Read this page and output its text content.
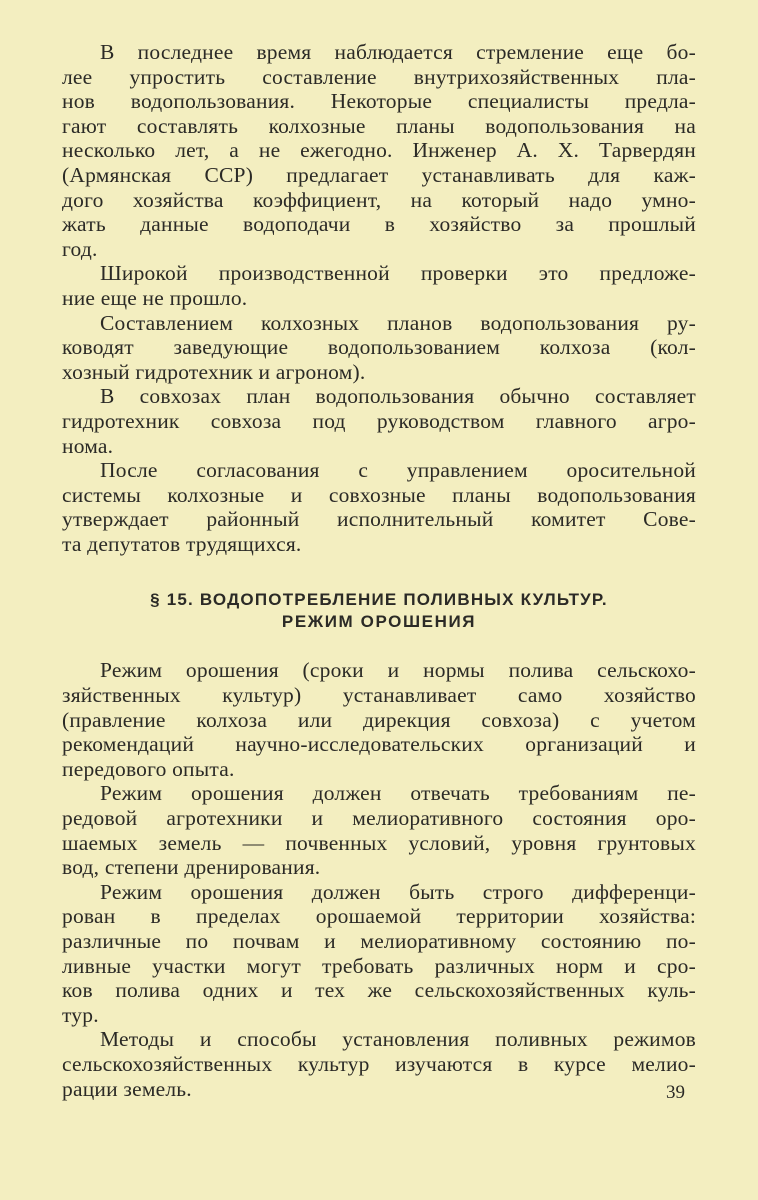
В последнее время наблюдается стремление еще бо-
лее упростить составление внутрихозяйственных пла-
нов водопользования. Некоторые специалисты предла-
гают составлять колхозные планы водопользования на
несколько лет, а не ежегодно. Инженер А. Х. Тарвердян
(Армянская ССР) предлагает устанавливать для каж-
дого хозяйства коэффициент, на который надо умно-
жать данные водоподачи в хозяйство за прошлый
год.
Широкой производственной проверки это предложе-
ние еще не прошло.
Составлением колхозных планов водопользования ру-
ководят заведующие водопользованием колхоза (кол-
хозный гидротехник и агроном).
В совхозах план водопользования обычно составляет
гидротехник совхоза под руководством главного агро-
нома.
После согласования с управлением оросительной
системы колхозные и совхозные планы водопользования
утверждает районный исполнительный комитет Сове-
та депутатов трудящихся.
§ 15. ВОДОПОТРЕБЛЕНИЕ ПОЛИВНЫХ КУЛЬТУР.
РЕЖИМ ОРОШЕНИЯ
Режим орошения (сроки и нормы полива сельскохо-
зяйственных культур) устанавливает само хозяйство
(правление колхоза или дирекция совхоза) с учетом
рекомендаций научно-исследовательских организаций и
передового опыта.
Режим орошения должен отвечать требованиям пе-
редовой агротехники и мелиоративного состояния оро-
шаемых земель — почвенных условий, уровня грунтовых
вод, степени дренирования.
Режим орошения должен быть строго дифференци-
рован в пределах орошаемой территории хозяйства:
различные по почвам и мелиоративному состоянию по-
ливные участки могут требовать различных норм и сро-
ков полива одних и тех же сельскохозяйственных куль-
тур.
Методы и способы установления поливных режимов
сельскохозяйственных культур изучаются в курсе мелио-
рации земель.	39
